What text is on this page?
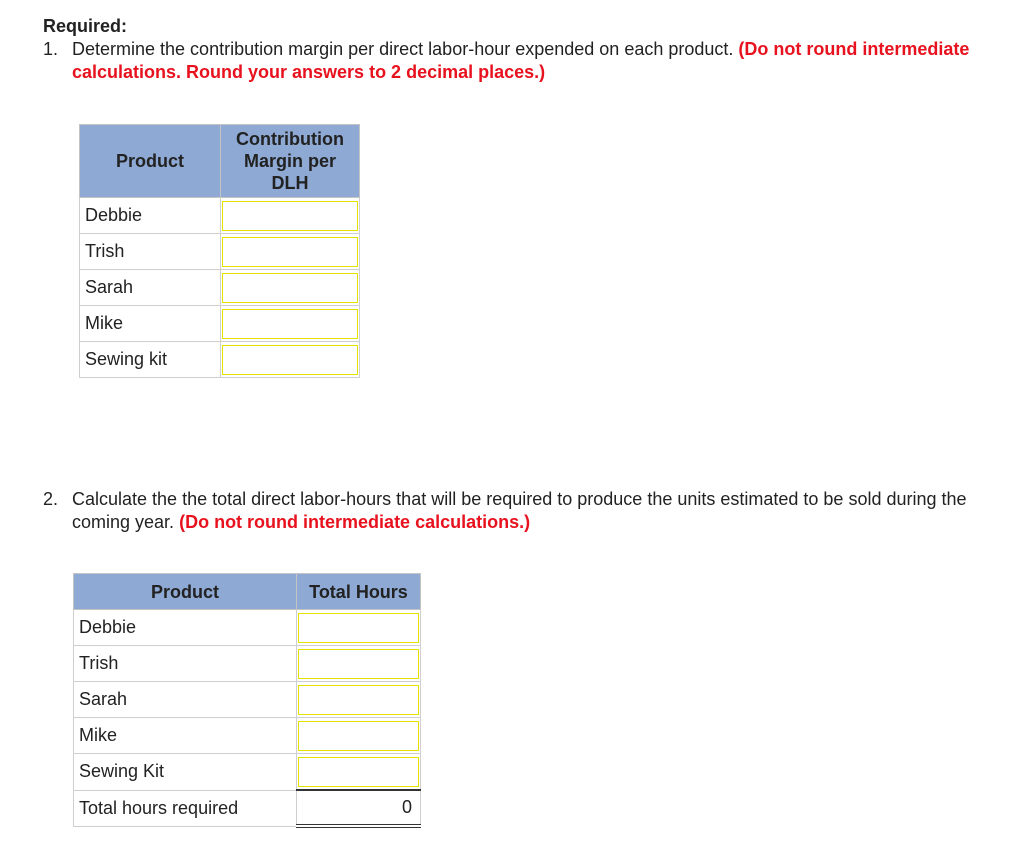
Required:
1. Determine the contribution margin per direct labor-hour expended on each product. (Do not round intermediate calculations. Round your answers to 2 decimal places.)
Product	Contribution Margin per DLH

Debbie	

Trish	

Sarah	

Mike	

Sewing kit	
2. Calculate the the total direct labor-hours that will be required to produce the units estimated to be sold during the coming year. (Do not round intermediate calculations.)
Product	Total Hours
Debbie	

Trish	

Sarah	

Mike	

Sewing Kit	

Total hours required	0
